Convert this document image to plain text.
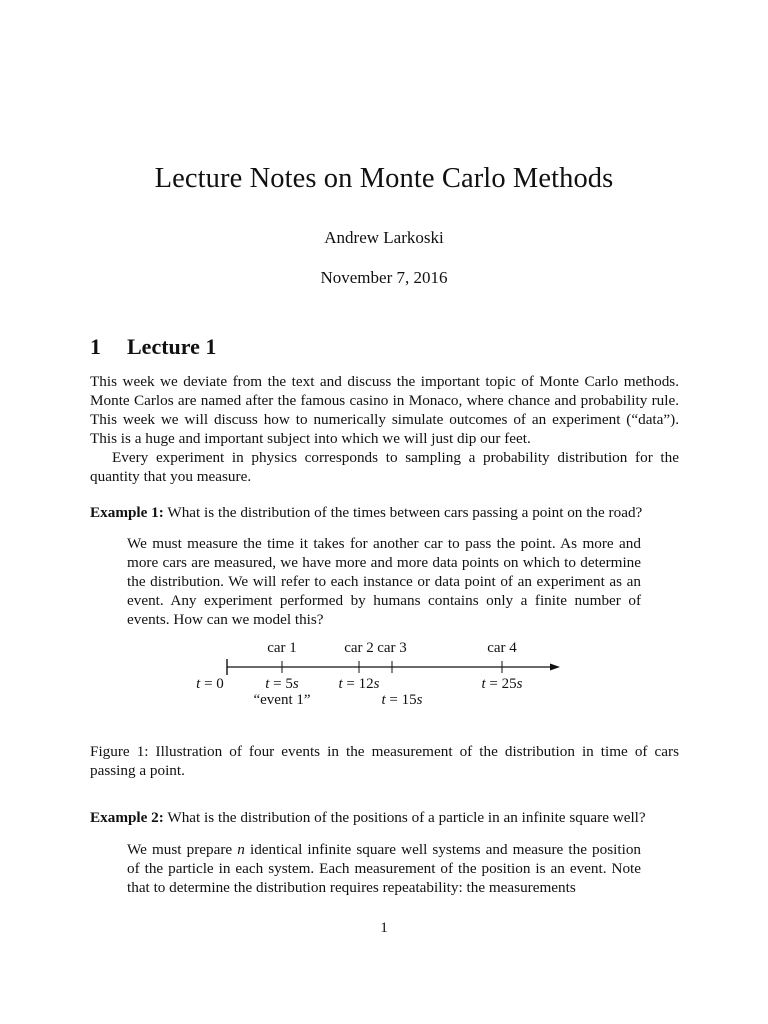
Lecture Notes on Monte Carlo Methods
Andrew Larkoski
November 7, 2016
1 Lecture 1

This week we deviate from the text and discuss the important topic of Monte Carlo methods. Monte Carlos are named after the famous casino in Monaco, where chance and probability rule. This week we will discuss how to numerically simulate outcomes of an experiment (“data”). This is a huge and important subject into which we will just dip our feet.

Every experiment in physics corresponds to sampling a probability distribution for the quantity that you measure.

Example 1: What is the distribution of the times between cars passing a point on the road?

We must measure the time it takes for another car to pass the point. As more and more cars are measured, we have more and more data points on which to determine the distribution. We will refer to each instance or data point of an experiment as an event. Any experiment performed by humans contains only a finite number of events. How can we model this?

car 1	car 2 car 3	car 4
t = 0	t = 5s	t = 12s
t = 15s
t = 25s
“event 1”
Figure 1: Illustration of four events in the measurement of the distribution in time of cars passing a point.
Example 2: What is the distribution of the positions of a particle in an infinite square well?

We must prepare n identical infinite square well systems and measure the position of the particle in each system. Each measurement of the position is an event. Note that to determine the distribution requires repeatability: the measurements

1
